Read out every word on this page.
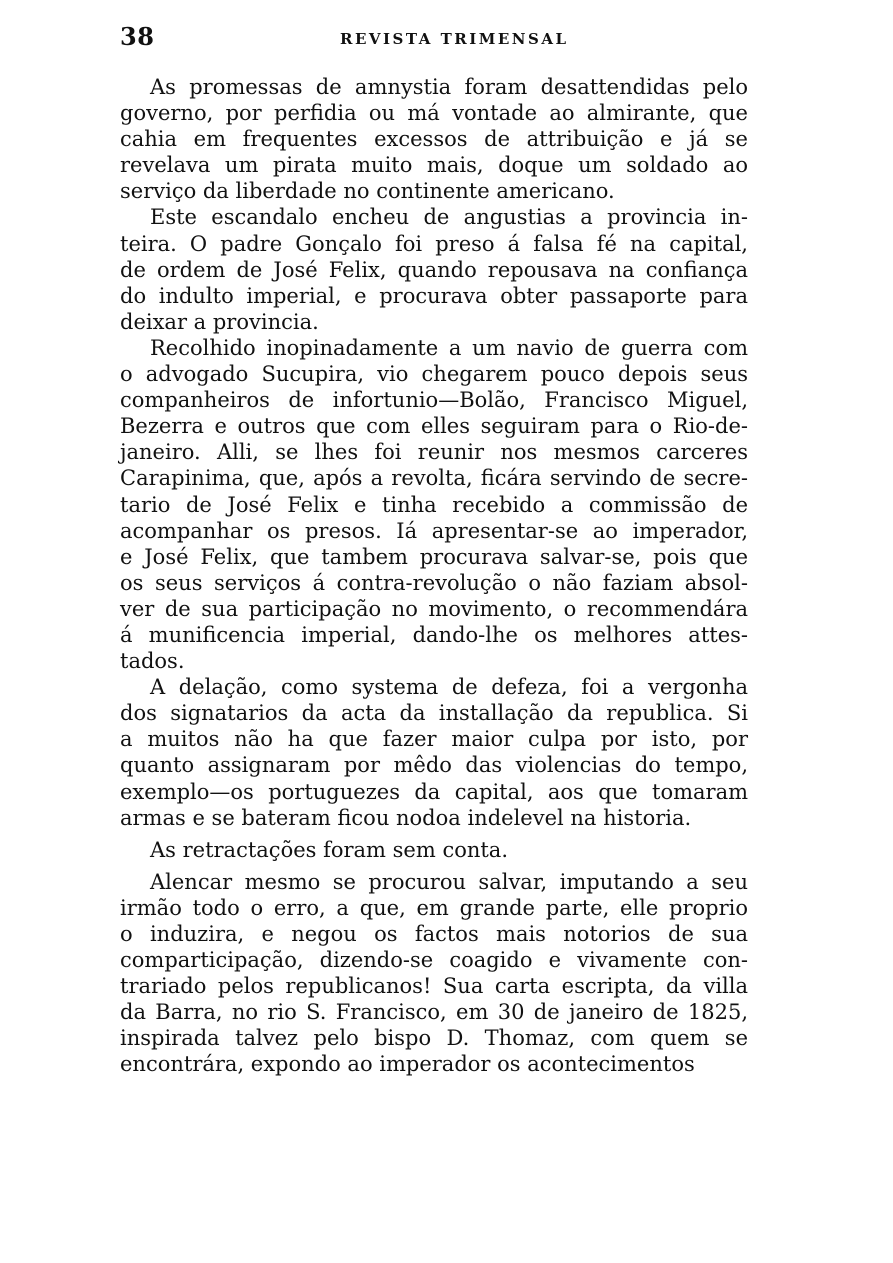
38	REVISTA TRIMENSAL
As promessas de amnystia foram desattendidas pelo
governo, por perfidia ou má vontade ao almirante, que
cahia em frequentes excessos de attribuição e já se
revelava um pirata muito mais, doque um soldado ao
serviço da liberdade no continente americano.
Este escandalo encheu de angustias a provincia in-
teira. O padre Gonçalo foi preso á falsa fé na capital,
de ordem de José Felix, quando repousava na confiança
do indulto imperial, e procurava obter passaporte para
deixar a provincia.
Recolhido inopinadamente a um navio de guerra com
o advogado Sucupira, vio chegarem pouco depois seus
companheiros de infortunio—Bolão, Francisco Miguel,
Bezerra e outros que com elles seguiram para o Rio-de-
janeiro. Alli, se lhes foi reunir nos mesmos carceres
Carapinima, que, após a revolta, ficára servindo de secre-
tario de José Felix e tinha recebido a commissão de
acompanhar os presos. Iá apresentar-se ao imperador,
e José Felix, que tambem procurava salvar-se, pois que
os seus serviços á contra-revolução o não faziam absol-
ver de sua participação no movimento, o recommendára
á munificencia imperial, dando-lhe os melhores attes-
tados.
A delação, como systema de defeza, foi a vergonha
dos signatarios da acta da installação da republica. Si
a muitos não ha que fazer maior culpa por isto, por
quanto assignaram por mêdo das violencias do tempo,
exemplo—os portuguezes da capital, aos que tomaram
armas e se bateram ficou nodoa indelevel na historia.
As retractações foram sem conta.
Alencar mesmo se procurou salvar, imputando a seu
irmão todo o erro, a que, em grande parte, elle proprio
o induzira, e negou os factos mais notorios de sua
comparticipação, dizendo-se coagido e vivamente con-
trariado pelos republicanos! Sua carta escripta, da villa
da Barra, no rio S. Francisco, em 30 de janeiro de 1825,
inspirada talvez pelo bispo D. Thomaz, com quem se
encontrára, expondo ao imperador os acontecimentos
